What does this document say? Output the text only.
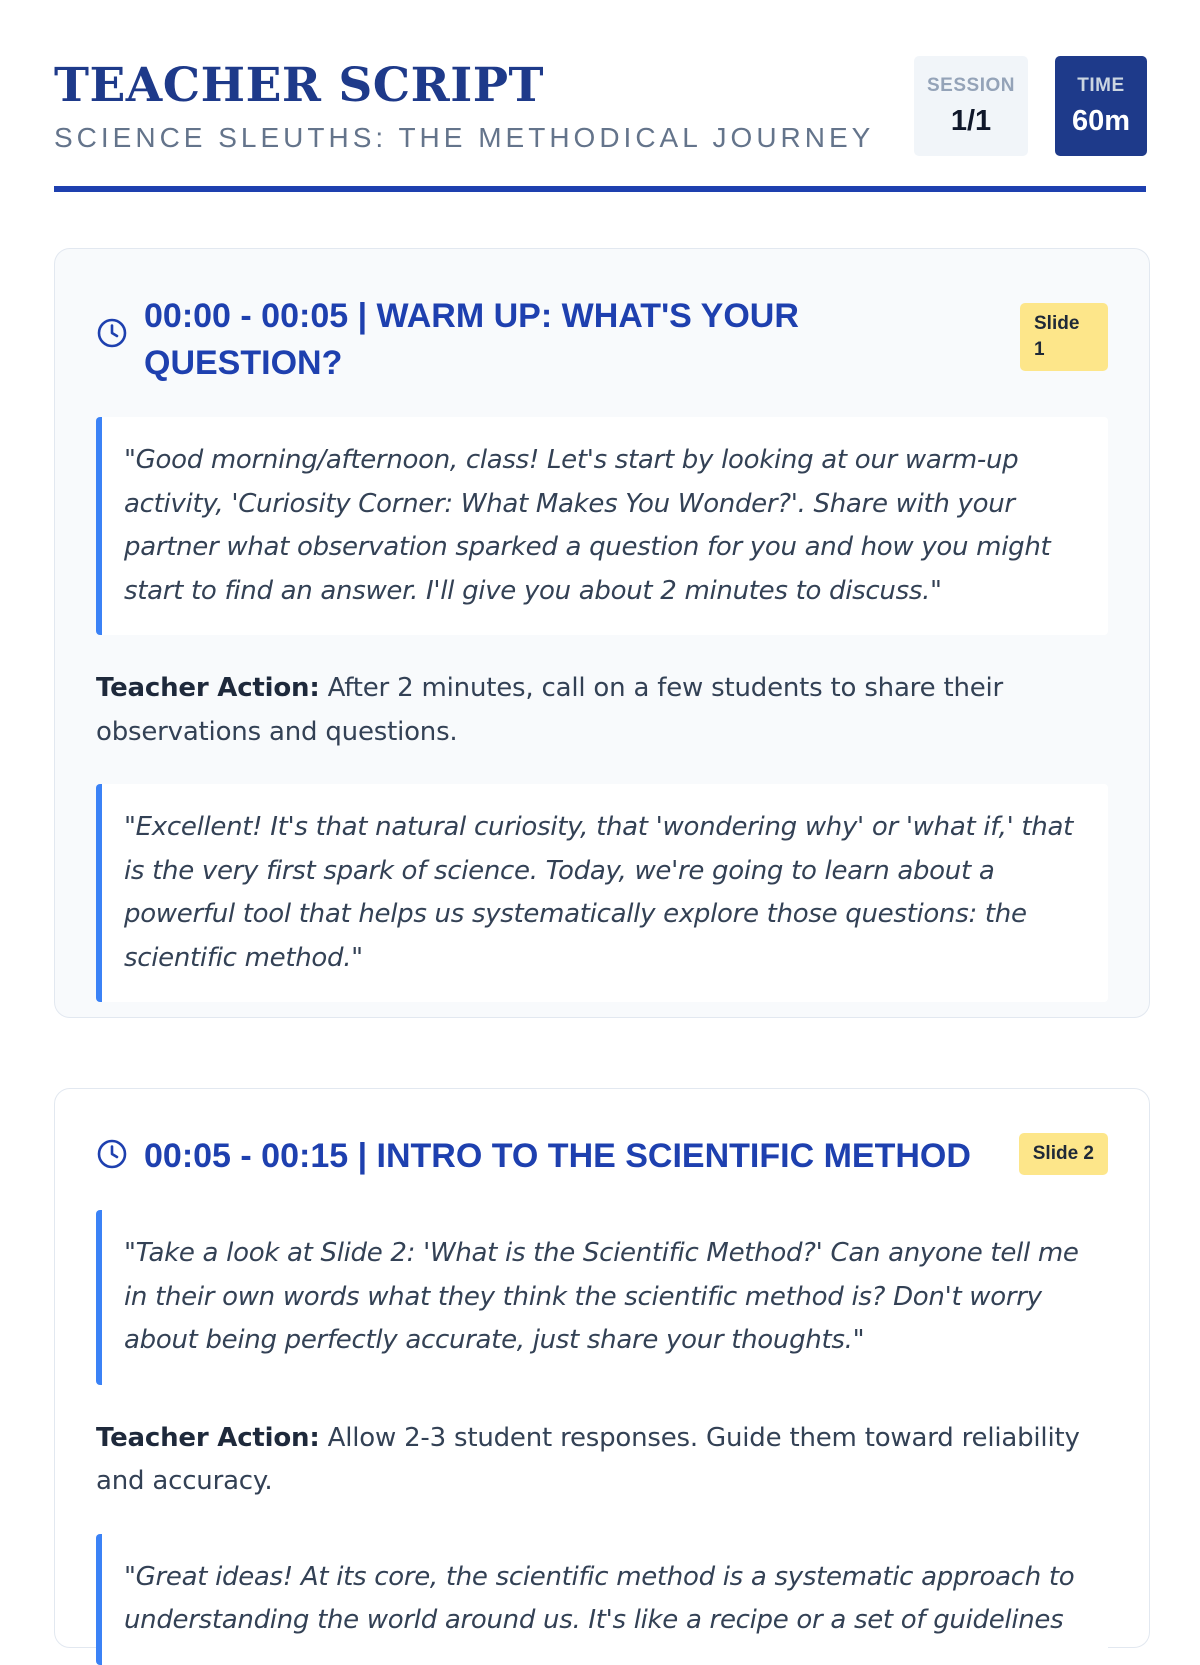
TEACHER SCRIPT
SCIENCE SLEUTHS: THE METHODICAL JOURNEY
SESSION
1/1
TIME
60m
00:00 - 00:05 | WARM UP: WHAT'S YOUR QUESTION?
Slide 1
"Good morning/afternoon, class! Let's start by looking at our warm-up activity, 'Curiosity Corner: What Makes You Wonder?'. Share with your partner what observation sparked a question for you and how you might start to find an answer. I'll give you about 2 minutes to discuss."

Teacher Action: After 2 minutes, call on a few students to share their observations and questions.

"Excellent! It's that natural curiosity, that 'wondering why' or 'what if,' that is the very first spark of science. Today, we're going to learn about a powerful tool that helps us systematically explore those questions: the scientific method."
00:05 - 00:15 | INTRO TO THE SCIENTIFIC METHOD	Slide 2
"Take a look at Slide 2: 'What is the Scientific Method?' Can anyone tell me in their own words what they think the scientific method is? Don't worry about being perfectly accurate, just share your thoughts."

Teacher Action: Allow 2-3 student responses. Guide them toward reliability and accuracy.

"Great ideas! At its core, the scientific method is a systematic approach to understanding the world around us. It's like a recipe or a set of guidelines
